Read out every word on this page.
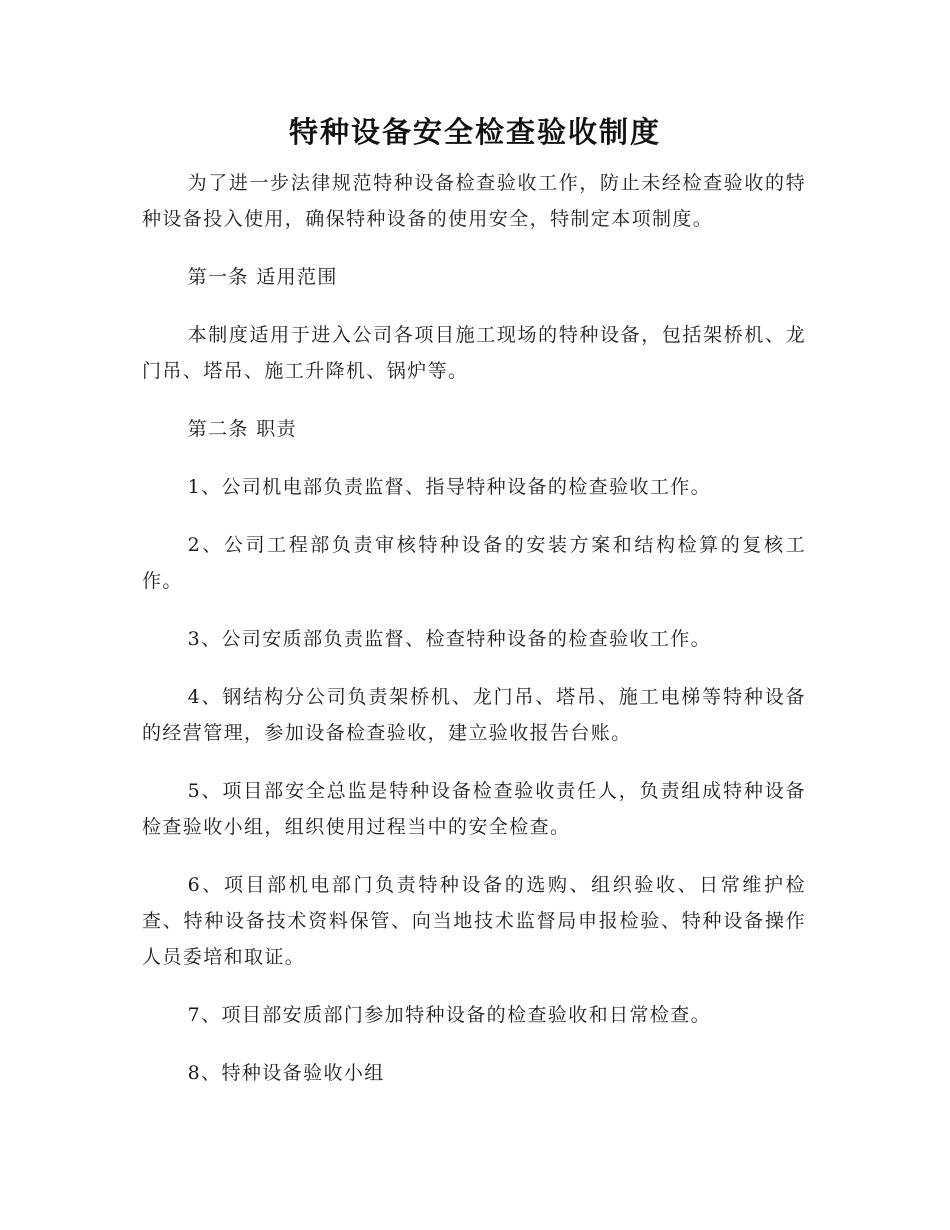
特种设备安全检查验收制度

为了进一步法律规范特种设备检查验收工作，防止未经检查验收的特种设备投入使用，确保特种设备的使用安全，特制定本项制度。

第一条 适用范围

本制度适用于进入公司各项目施工现场的特种设备，包括架桥机、龙门吊、塔吊、施工升降机、锅炉等。

第二条 职责

1、公司机电部负责监督、指导特种设备的检查验收工作。

2、公司工程部负责审核特种设备的安装方案和结构检算的复核工作。

3、公司安质部负责监督、检查特种设备的检查验收工作。

4、钢结构分公司负责架桥机、龙门吊、塔吊、施工电梯等特种设备的经营管理，参加设备检查验收，建立验收报告台账。

5、项目部安全总监是特种设备检查验收责任人，负责组成特种设备检查验收小组，组织使用过程当中的安全检查。

6、项目部机电部门负责特种设备的选购、组织验收、日常维护检查、特种设备技术资料保管、向当地技术监督局申报检验、特种设备操作人员委培和取证。

7、项目部安质部门参加特种设备的检查验收和日常检查。

8、特种设备验收小组
